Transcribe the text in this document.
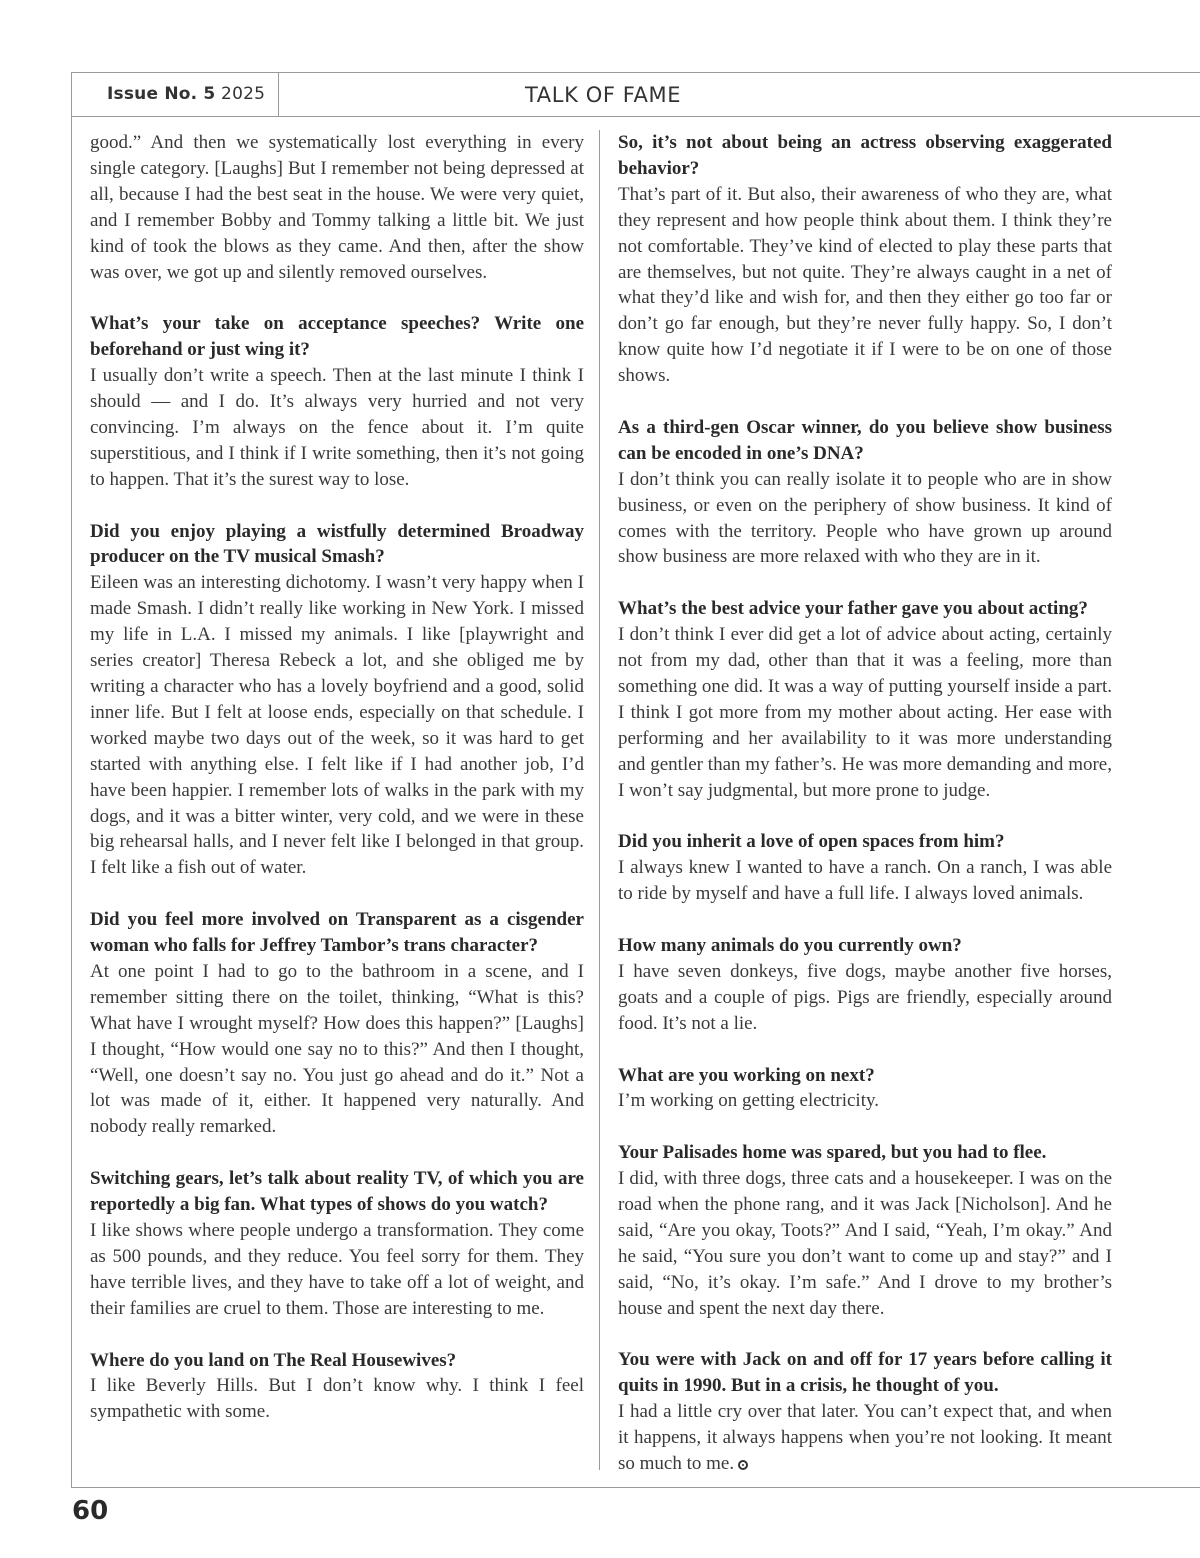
Issue No. 5 2025	TALK OF FAME

good.” And then we systematically lost everything in every single category. [Laughs] But I remember not being depressed at all, because I had the best seat in the house. We were very quiet, and I remember Bobby and Tommy talking a little bit. We just kind of took the blows as they came. And then, after the show was over, we got up and silently removed ourselves.

What’s your take on acceptance speeches? Write one beforehand or just wing it?

I usually don’t write a speech. Then at the last minute I think I should — and I do. It’s always very hurried and not very convincing. I’m always on the fence about it. I’m quite superstitious, and I think if I write something, then it’s not going to happen. That it’s the surest way to lose.

Did you enjoy playing a wistfully determined Broadway producer on the TV musical Smash?

Eileen was an interesting dichotomy. I wasn’t very happy when I made Smash. I didn’t really like working in New York. I missed my life in L.A. I missed my animals. I like [playwright and series creator] Theresa Rebeck a lot, and she obliged me by writing a character who has a lovely boyfriend and a good, solid inner life. But I felt at loose ends, especially on that schedule. I worked maybe two days out of the week, so it was hard to get started with anything else. I felt like if I had another job, I’d have been happier. I remember lots of walks in the park with my dogs, and it was a bitter winter, very cold, and we were in these big rehearsal halls, and I never felt like I belonged in that group. I felt like a fish out of water.

Did you feel more involved on Transparent as a cisgender woman who falls for Jeffrey Tambor’s trans character?

At one point I had to go to the bathroom in a scene, and I remember sitting there on the toilet, thinking, “What is this? What have I wrought myself? How does this happen?” [Laughs] I thought, “How would one say no to this?” And then I thought, “Well, one doesn’t say no. You just go ahead and do it.” Not a lot was made of it, either. It happened very naturally. And nobody really remarked.

Switching gears, let’s talk about reality TV, of which you are reportedly a big fan. What types of shows do you watch?

I like shows where people undergo a transformation. They come as 500 pounds, and they reduce. You feel sorry for them. They have terrible lives, and they have to take off a lot of weight, and their families are cruel to them. Those are interesting to me.

Where do you land on The Real Housewives?

I like Beverly Hills. But I don’t know why. I think I feel sympathetic with some.

So, it’s not about being an actress observing exaggerated behavior?

That’s part of it. But also, their awareness of who they are, what they represent and how people think about them. I think they’re not comfortable. They’ve kind of elected to play these parts that are themselves, but not quite. They’re always caught in a net of what they’d like and wish for, and then they either go too far or don’t go far enough, but they’re never fully happy. So, I don’t know quite how I’d negotiate it if I were to be on one of those shows.

As a third-gen Oscar winner, do you believe show business can be encoded in one’s DNA?

I don’t think you can really isolate it to people who are in show business, or even on the periphery of show business. It kind of comes with the territory. People who have grown up around show business are more relaxed with who they are in it.

What’s the best advice your father gave you about acting?

I don’t think I ever did get a lot of advice about acting, certainly not from my dad, other than that it was a feeling, more than something one did. It was a way of putting yourself inside a part. I think I got more from my mother about acting. Her ease with performing and her availability to it was more understanding and gentler than my father’s. He was more demanding and more, I won’t say judgmental, but more prone to judge.

Did you inherit a love of open spaces from him?

I always knew I wanted to have a ranch. On a ranch, I was able to ride by myself and have a full life. I always loved animals.

How many animals do you currently own?

I have seven donkeys, five dogs, maybe another five horses, goats and a couple of pigs. Pigs are friendly, especially around food. It’s not a lie.

What are you working on next?

I’m working on getting electricity.

Your Palisades home was spared, but you had to flee.

I did, with three dogs, three cats and a housekeeper. I was on the road when the phone rang, and it was Jack [Nicholson]. And he said, “Are you okay, Toots?” And I said, “Yeah, I’m okay.” And he said, “You sure you don’t want to come up and stay?” and I said, “No, it’s okay. I’m safe.” And I drove to my brother’s house and spent the next day there.

You were with Jack on and off for 17 years before calling it quits in 1990. But in a crisis, he thought of you.

I had a little cry over that later. You can’t expect that, and when it happens, it always happens when you’re not looking. It meant so much to me.

60
